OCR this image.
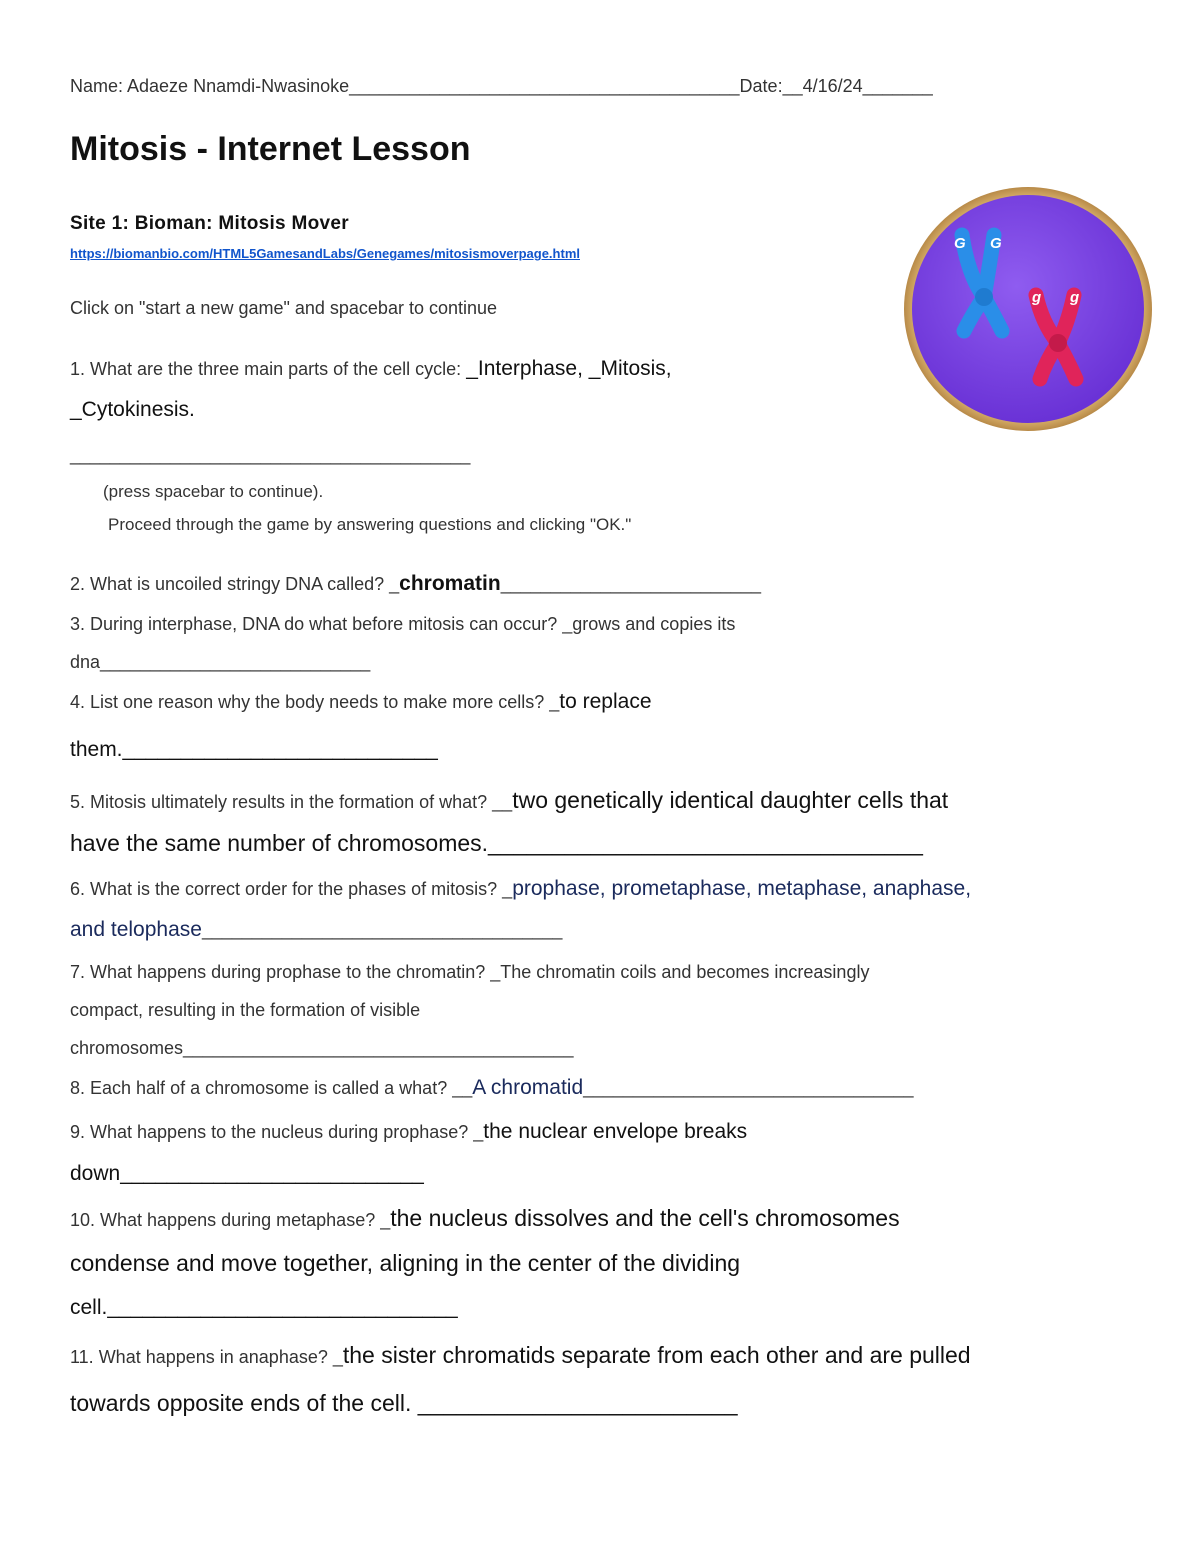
Name: Adaeze Nnamdi-Nwasinoke_______________________________________Date:__4/16/24_______
Mitosis - Internet Lesson
Site 1: Bioman: Mitosis Mover
https://biomanbio.com/HTML5GamesandLabs/Genegames/mitosismoverpage.html
Click on "start a new game" and spacebar to continue
G G
g g
1. What are the three main parts of the cell cycle: _Interphase, _Mitosis,
_Cytokinesis.
________________________________________
(press spacebar to continue).
Proceed through the game by answering questions and clicking "OK."
2. What is uncoiled stringy DNA called? _chromatin__________________________
3. During interphase, DNA do what before mitosis can occur? _grows and copies its
dna___________________________
4. List one reason why the body needs to make more cells? _to replace
them.___________________________
5. Mitosis ultimately results in the formation of what? __two genetically identical daughter cells that
have the same number of chromosomes.__________________________________
6. What is the correct order for the phases of mitosis? _prophase, prometaphase, metaphase, anaphase,
and telophase____________________________________
7. What happens during prophase to the chromatin? _The chromatin coils and becomes increasingly
compact, resulting in the formation of visible
chromosomes_______________________________________
8. Each half of a chromosome is called a what? __A chromatid_________________________________
9. What happens to the nucleus during prophase? _the nuclear envelope breaks
down__________________________
10. What happens during metaphase? _the nucleus dissolves and the cell's chromosomes
condense and move together, aligning in the center of the dividing
cell.______________________________
11. What happens in anaphase? _the sister chromatids separate from each other and are pulled
towards opposite ends of the cell. _________________________
